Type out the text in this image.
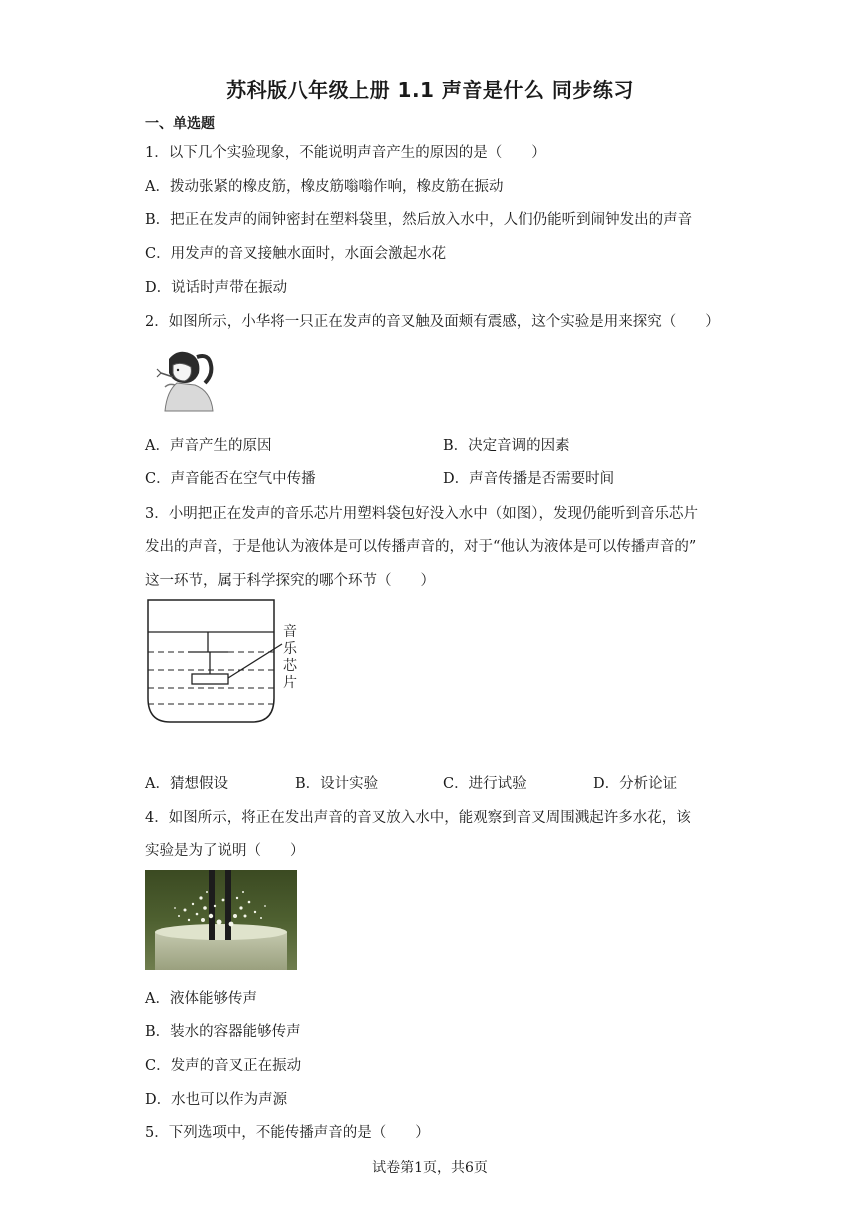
苏科版八年级上册 1.1 声音是什么 同步练习
一、单选题
1．以下几个实验现象，不能说明声音产生的原因的是（　　）
A．拨动张紧的橡皮筋，橡皮筋嗡嗡作响，橡皮筋在振动
B．把正在发声的闹钟密封在塑料袋里，然后放入水中，人们仍能听到闹钟发出的声音
C．用发声的音叉接触水面时，水面会激起水花
D．说话时声带在振动
2．如图所示，小华将一只正在发声的音叉触及面颊有震感，这个实验是用来探究（　　）
A．声音产生的原因	B．决定音调的因素
C．声音能否在空气中传播	D．声音传播是否需要时间
3．小明把正在发声的音乐芯片用塑料袋包好没入水中（如图），发现仍能听到音乐芯片
发出的声音，于是他认为液体是可以传播声音的，对于“他认为液体是可以传播声音的”
这一环节，属于科学探究的哪个环节（　　）
音
乐
芯
片
A．猜想假设	B．设计实验	C．进行试验	D．分析论证
4．如图所示，将正在发出声音的音叉放入水中，能观察到音叉周围溅起许多水花，该
实验是为了说明（　　）
A．液体能够传声
B．装水的容器能够传声
C．发声的音叉正在振动
D．水也可以作为声源
5．下列选项中，不能传播声音的是（　　）
试卷第1页，共6页
